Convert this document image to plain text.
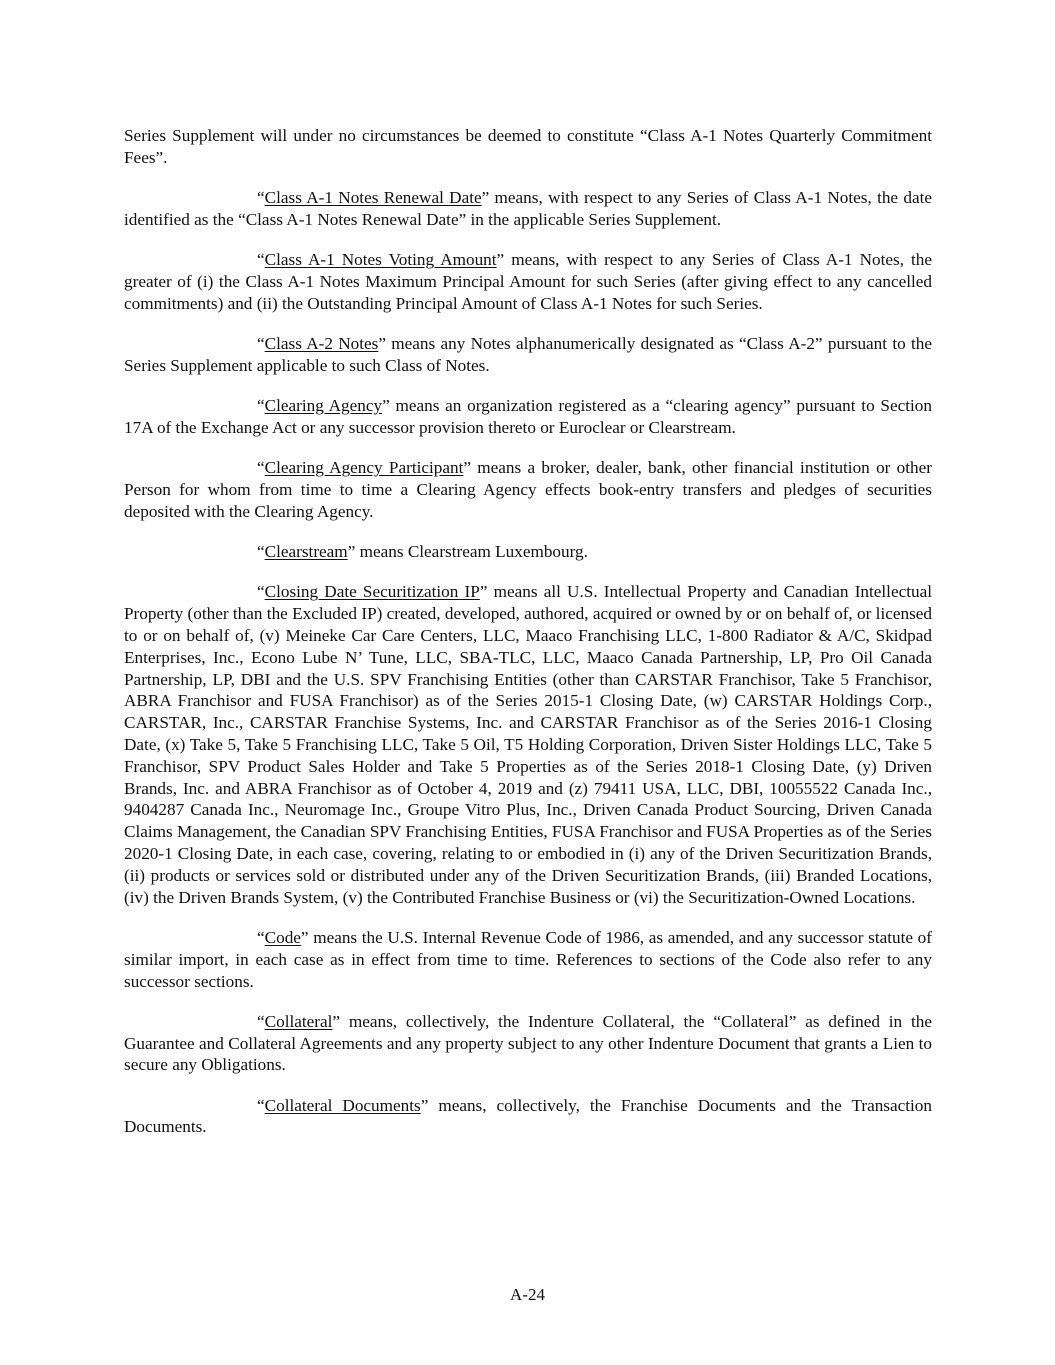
Series Supplement will under no circumstances be deemed to constitute “Class A-1 Notes Quarterly Commitment Fees”.

“Class A-1 Notes Renewal Date” means, with respect to any Series of Class A-1 Notes, the date identified as the “Class A-1 Notes Renewal Date” in the applicable Series Supplement.

“Class A-1 Notes Voting Amount” means, with respect to any Series of Class A-1 Notes, the greater of (i) the Class A-1 Notes Maximum Principal Amount for such Series (after giving effect to any cancelled commitments) and (ii) the Outstanding Principal Amount of Class A-1 Notes for such Series.

“Class A-2 Notes” means any Notes alphanumerically designated as “Class A-2” pursuant to the Series Supplement applicable to such Class of Notes.

“Clearing Agency” means an organization registered as a “clearing agency” pursuant to Section 17A of the Exchange Act or any successor provision thereto or Euroclear or Clearstream.

“Clearing Agency Participant” means a broker, dealer, bank, other financial institution or other Person for whom from time to time a Clearing Agency effects book-entry transfers and pledges of securities deposited with the Clearing Agency.

“Clearstream” means Clearstream Luxembourg.

“Closing Date Securitization IP” means all U.S. Intellectual Property and Canadian Intellectual Property (other than the Excluded IP) created, developed, authored, acquired or owned by or on behalf of, or licensed to or on behalf of, (v) Meineke Car Care Centers, LLC, Maaco Franchising LLC, 1-800 Radiator & A/C, Skidpad Enterprises, Inc., Econo Lube N’ Tune, LLC, SBA-TLC, LLC, Maaco Canada Partnership, LP, Pro Oil Canada Partnership, LP, DBI and the U.S. SPV Franchising Entities (other than CARSTAR Franchisor, Take 5 Franchisor, ABRA Franchisor and FUSA Franchisor) as of the Series 2015-1 Closing Date, (w) CARSTAR Holdings Corp., CARSTAR, Inc., CARSTAR Franchise Systems, Inc. and CARSTAR Franchisor as of the Series 2016-1 Closing Date, (x) Take 5, Take 5 Franchising LLC, Take 5 Oil, T5 Holding Corporation, Driven Sister Holdings LLC, Take 5 Franchisor, SPV Product Sales Holder and Take 5 Properties as of the Series 2018-1 Closing Date, (y) Driven Brands, Inc. and ABRA Franchisor as of October 4, 2019 and (z) 79411 USA, LLC, DBI, 10055522 Canada Inc., 9404287 Canada Inc., Neuromage Inc., Groupe Vitro Plus, Inc., Driven Canada Product Sourcing, Driven Canada Claims Management, the Canadian SPV Franchising Entities, FUSA Franchisor and FUSA Properties as of the Series 2020-1 Closing Date, in each case, covering, relating to or embodied in (i) any of the Driven Securitization Brands, (ii) products or services sold or distributed under any of the Driven Securitization Brands, (iii) Branded Locations, (iv) the Driven Brands System, (v) the Contributed Franchise Business or (vi) the Securitization-Owned Locations.

“Code” means the U.S. Internal Revenue Code of 1986, as amended, and any successor statute of similar import, in each case as in effect from time to time. References to sections of the Code also refer to any successor sections.

“Collateral” means, collectively, the Indenture Collateral, the “Collateral” as defined in the Guarantee and Collateral Agreements and any property subject to any other Indenture Document that grants a Lien to secure any Obligations.

“Collateral Documents” means, collectively, the Franchise Documents and the Transaction Documents.

A-24
